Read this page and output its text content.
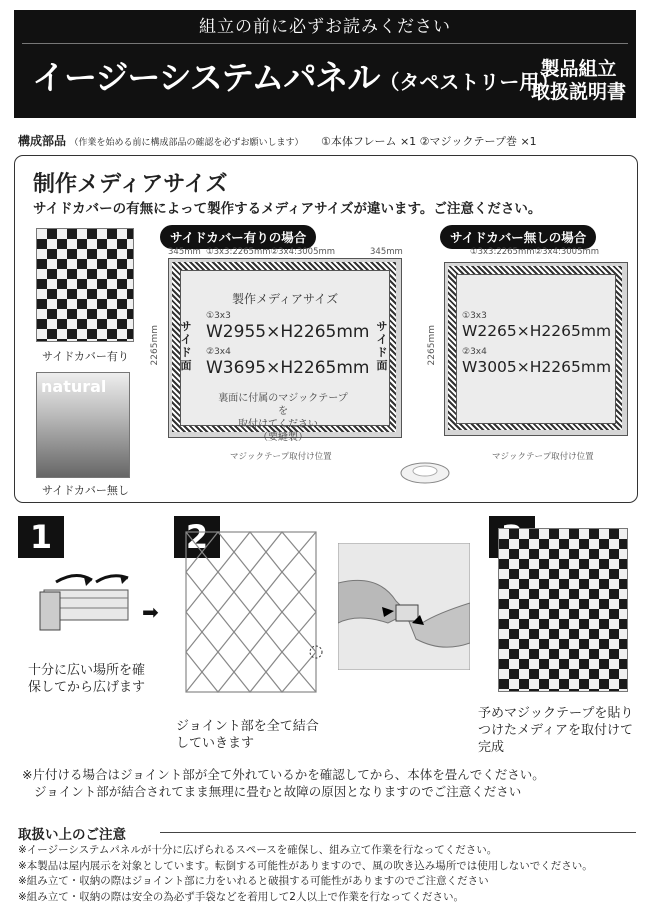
組立の前に必ずお読みください
イージーシステムパネル（タペストリー用）
製品組立
取扱説明書
構成部品 （作業を始める前に構成部品の確認を必ずお願いします） ①本体フレーム ×1 ②マジックテープ巻 ×1
制作メディアサイズ
サイドカバーの有無によって製作するメディアサイズが違います。ご注意ください。
サイドカバー有り
natural
サイドカバー無し
サイドカバー有りの場合
345mm ①3x3:2265mm②3x4:3005mm	345mm
2265mm サイド面
サイド面
製作メディアサイズ
①3x3
W2955×H2265mm
②3x4
W3695×H2265mm
裏面に付属のマジックテープを
取付けてください。
（要縫製）
マジックテープ取付け位置
サイドカバー無しの場合
①3x3:2265mm②3x4:3005mm
2265mm
①3x3
W2265×H2265mm
②3x4
W3005×H2265mm
マジックテープ取付け位置
1
十分に広い場所を確保してから広げます
➡
2
ジョイント部を全て結合していきます
予めマジックテープを貼りつけたメディアを取付けて完成
※片付ける場合はジョイント部が全て外れているかを確認してから、本体を畳んでください。
ジョイント部が結合されてまま無理に畳むと故障の原因となりますのでご注意ください
取扱い上のご注意
※イージーシステムパネルが十分に広げられるスペースを確保し、組み立て作業を行なってください。
※本製品は屋内展示を対象としています。転倒する可能性がありますので、風の吹き込み場所では使用しないでください。
※組み立て・収納の際はジョイント部に力をいれると破損する可能性がありますのでご注意ください
※組み立て・収納の際は安全の為必ず手袋などを着用して2人以上で作業を行なってください。
